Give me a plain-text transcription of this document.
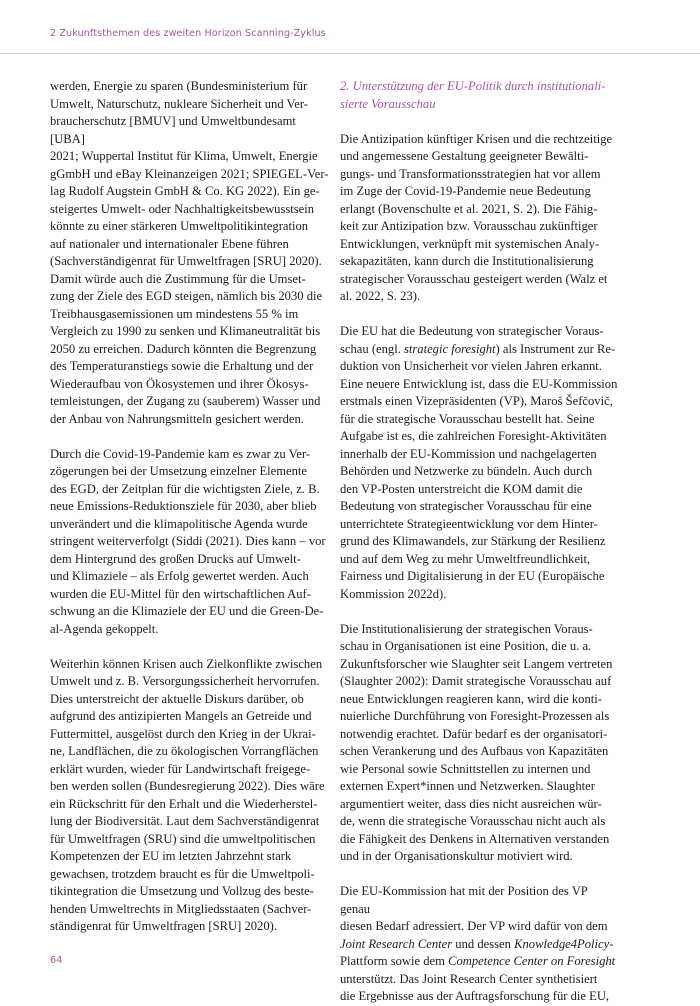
2 Zukunftsthemen des zweiten Horizon Scanning-Zyklus

werden, Energie zu sparen (Bundesministerium für
Umwelt, Naturschutz, nukleare Sicherheit und Ver-
braucherschutz [BMUV] und Umweltbundesamt [UBA]
2021; Wuppertal Institut für Klima, Umwelt, Energie
gGmbH und eBay Kleinanzeigen 2021; SPIEGEL-Ver-
lag Rudolf Augstein GmbH & Co. KG 2022). Ein ge-
steigertes Umwelt- oder Nachhaltigkeitsbewusstsein
könnte zu einer stärkeren Umweltpolitikintegration
auf nationaler und internationaler Ebene führen
(Sachverständigenrat für Umweltfragen [SRU] 2020).
Damit würde auch die Zustimmung für die Umset-
zung der Ziele des EGD steigen, nämlich bis 2030 die
Treibhausgasemissionen um mindestens 55 % im
Vergleich zu 1990 zu senken und Klimaneutralität bis
2050 zu erreichen. Dadurch könnten die Begrenzung
des Temperaturanstiegs sowie die Erhaltung und der
Wiederaufbau von Ökosystemen und ihrer Ökosys-
temleistungen, der Zugang zu (sauberem) Wasser und
der Anbau von Nahrungsmitteln gesichert werden.

Durch die Covid-19-Pandemie kam es zwar zu Ver-
zögerungen bei der Umsetzung einzelner Elemente
des EGD, der Zeitplan für die wichtigsten Ziele, z. B.
neue Emissions-Reduktionsziele für 2030, aber blieb
unverändert und die klimapolitische Agenda wurde
stringent weiterverfolgt (Siddi (2021). Dies kann – vor
dem Hintergrund des großen Drucks auf Umwelt-
und Klimaziele – als Erfolg gewertet werden. Auch
wurden die EU-Mittel für den wirtschaftlichen Auf-
schwung an die Klimaziele der EU und die Green-De-
al-Agenda gekoppelt.

Weiterhin können Krisen auch Zielkonflikte zwischen
Umwelt und z. B. Versorgungssicherheit hervorrufen.
Dies unterstreicht der aktuelle Diskurs darüber, ob
aufgrund des antizipierten Mangels an Getreide und
Futtermittel, ausgelöst durch den Krieg in der Ukrai-
ne, Landflächen, die zu ökologischen Vorrangflächen
erklärt wurden, wieder für Landwirtschaft freigege-
ben werden sollen (Bundesregierung 2022). Dies wäre
ein Rückschritt für den Erhalt und die Wiederherstel-
lung der Biodiversität. Laut dem Sachverständigenrat
für Umweltfragen (SRU) sind die umweltpolitischen
Kompetenzen der EU im letzten Jahrzehnt stark
gewachsen, trotzdem braucht es für die Umweltpoli-
tikintegration die Umsetzung und Vollzug des beste-
henden Umweltrechts in Mitgliedsstaaten (Sachver-
ständigenrat für Umweltfragen [SRU] 2020).

2. Unterstützung der EU-Politik durch institutionali-
sierte Vorausschau

Die Antizipation künftiger Krisen und die rechtzeitige
und angemessene Gestaltung geeigneter Bewälti-
gungs- und Transformationsstrategien hat vor allem
im Zuge der Covid-19-Pandemie neue Bedeutung
erlangt (Bovenschulte et al. 2021, S. 2). Die Fähig-
keit zur Antizipation bzw. Vorausschau zukünftiger
Entwicklungen, verknüpft mit systemischen Analy-
sekapazitäten, kann durch die Institutionalisierung
strategischer Vorausschau gesteigert werden (Walz et
al. 2022, S. 23).

Die EU hat die Bedeutung von strategischer Voraus-
schau (engl. strategic foresight) als Instrument zur Re-
duktion von Unsicherheit vor vielen Jahren erkannt.
Eine neuere Entwicklung ist, dass die EU-Kommission
erstmals einen Vizepräsidenten (VP), Maroš Šefčovič,
für die strategische Vorausschau bestellt hat. Seine
Aufgabe ist es, die zahlreichen Foresight-Aktivitäten
innerhalb der EU-Kommission und nachgelagerten
Behörden und Netzwerke zu bündeln. Auch durch
den VP-Posten unterstreicht die KOM damit die
Bedeutung von strategischer Vorausschau für eine
unterrichtete Strategieentwicklung vor dem Hinter-
grund des Klimawandels, zur Stärkung der Resilienz
und auf dem Weg zu mehr Umweltfreundlichkeit,
Fairness und Digitalisierung in der EU (Europäische
Kommission 2022d).

Die Institutionalisierung der strategischen Voraus-
schau in Organisationen ist eine Position, die u. a.
Zukunftsforscher wie Slaughter seit Langem vertreten
(Slaughter 2002): Damit strategische Vorausschau auf
neue Entwicklungen reagieren kann, wird die konti-
nuierliche Durchführung von Foresight-Prozessen als
notwendig erachtet. Dafür bedarf es der organisatori-
schen Verankerung und des Aufbaus von Kapazitäten
wie Personal sowie Schnittstellen zu internen und
externen Expert*innen und Netzwerken. Slaughter
argumentiert weiter, dass dies nicht ausreichen wür-
de, wenn die strategische Vorausschau nicht auch als
die Fähigkeit des Denkens in Alternativen verstanden
und in der Organisationskultur motiviert wird.

Die EU-Kommission hat mit der Position des VP genau
diesen Bedarf adressiert. Der VP wird dafür von dem
Joint Research Center und dessen Knowledge4Policy-
Plattform sowie dem Competence Center on Foresight
unterstützt. Das Joint Research Center synthetisiert
die Ergebnisse aus der Auftragsforschung für die EU,

64
